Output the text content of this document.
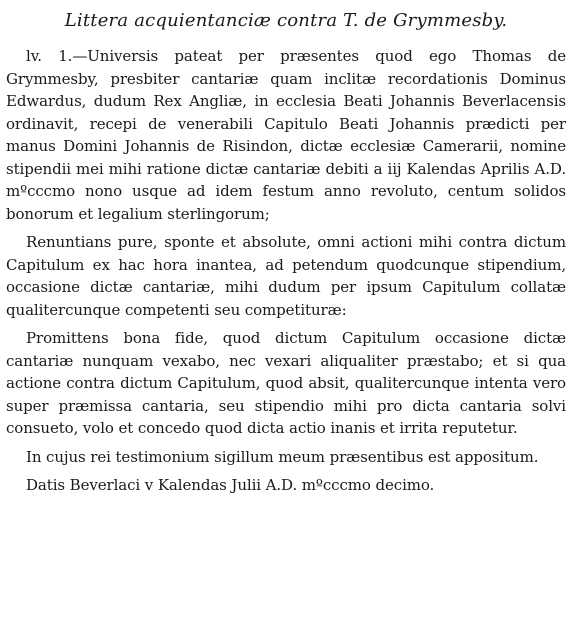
Littera acquientanciæ contra T. de Grymmesby.

lv. 1.—Universis pateat per præsentes quod ego Thomas de Grymmesby, presbiter cantariæ quam inclitæ recordationis Dominus Edwardus, dudum Rex Angliæ, in ecclesia Beati Johannis Beverlacensis ordinavit, recepi de venerabili Capitulo Beati Johannis prædicti per manus Domini Johannis de Risindon, dictæ ecclesiæ Camerarii, nomine stipendii mei mihi ratione dictæ cantariæ debiti a iij Kalendas Aprilis A.D. mºcccmo nono usque ad idem festum anno revoluto, centum solidos bonorum et legalium sterlingorum;

Renuntians pure, sponte et absolute, omni actioni mihi contra dictum Capitulum ex hac hora inantea, ad petendum quodcunque stipendium, occasione dictæ cantariæ, mihi dudum per ipsum Capitulum collatæ qualitercunque competenti seu competituræ:

Promittens bona fide, quod dictum Capitulum occasione dictæ cantariæ nunquam vexabo, nec vexari aliqualiter præstabo; et si qua actione contra dictum Capitulum, quod absit, qualitercunque intenta vero super præmissa cantaria, seu stipendio mihi pro dicta cantaria solvi consueto, volo et concedo quod dicta actio inanis et irrita reputetur.

In cujus rei testimonium sigillum meum præsentibus est appositum.

Datis Beverlaci v Kalendas Julii A.D. mºcccmo decimo.
